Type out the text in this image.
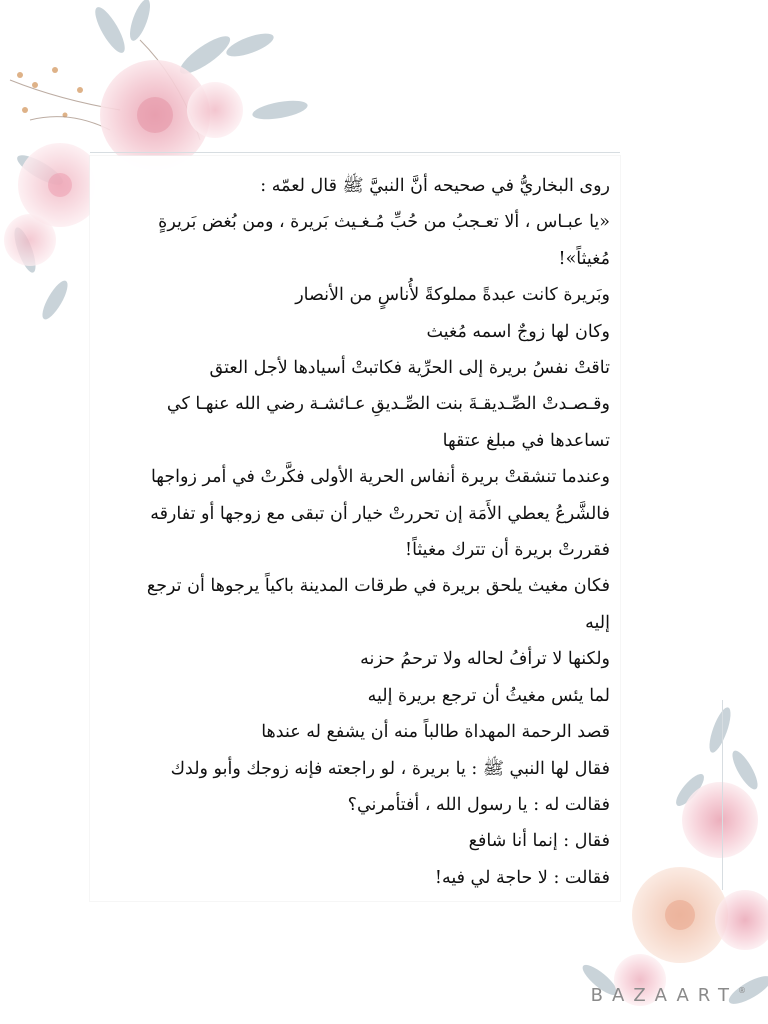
روى البخاريُّ في صحيحه أنَّ النبيَّ ﷺ قال لعمّه :
«يا عبـاس ، ألا تعـجبُ من حُبِّ مُـغـيث بَريرة ، ومن بُغض بَريرةٍ
مُغيثاً»!
وبَريرة كانت عبدةً مملوكةً لأُناسٍ من الأنصار
وكان لها زوجٌ اسمه مُغيث
تاقتْ نفسُ بريرة إلى الحرِّية فكاتبتْ أسيادها لأجل العتق
وقـصـدتْ الصِّـديقـةَ بنت الصِّـديقِ عـائشـة رضي الله عنهـا كي
تساعدها في مبلغ عتقها
وعندما تنشقتْ بريرة أنفاس الحرية الأولى فكَّرتْ في أمر زواجها
فالشَّرعُ يعطي الأَمَة إن تحررتْ خيار أن تبقى مع زوجها أو تفارقه
فقررتْ بريرة أن تترك مغيثاً!
فكان مغيث يلحق بريرة في طرقات المدينة باكياً يرجوها أن ترجع
إليه
ولكنها لا ترأفُ لحاله ولا ترحمُ حزنه
لما يئس مغيثُ أن ترجع بريرة إليه
قصد الرحمة المهداة طالباً منه أن يشفع له عندها
فقال لها النبي ﷺ : يا بريرة ، لو راجعته فإنه زوجك وأبو ولدك
فقالت له : يا رسول الله ، أفتأمرني؟
فقال : إنما أنا شافع
فقالت : لا حاجة لي فيه!
BAZAART®
